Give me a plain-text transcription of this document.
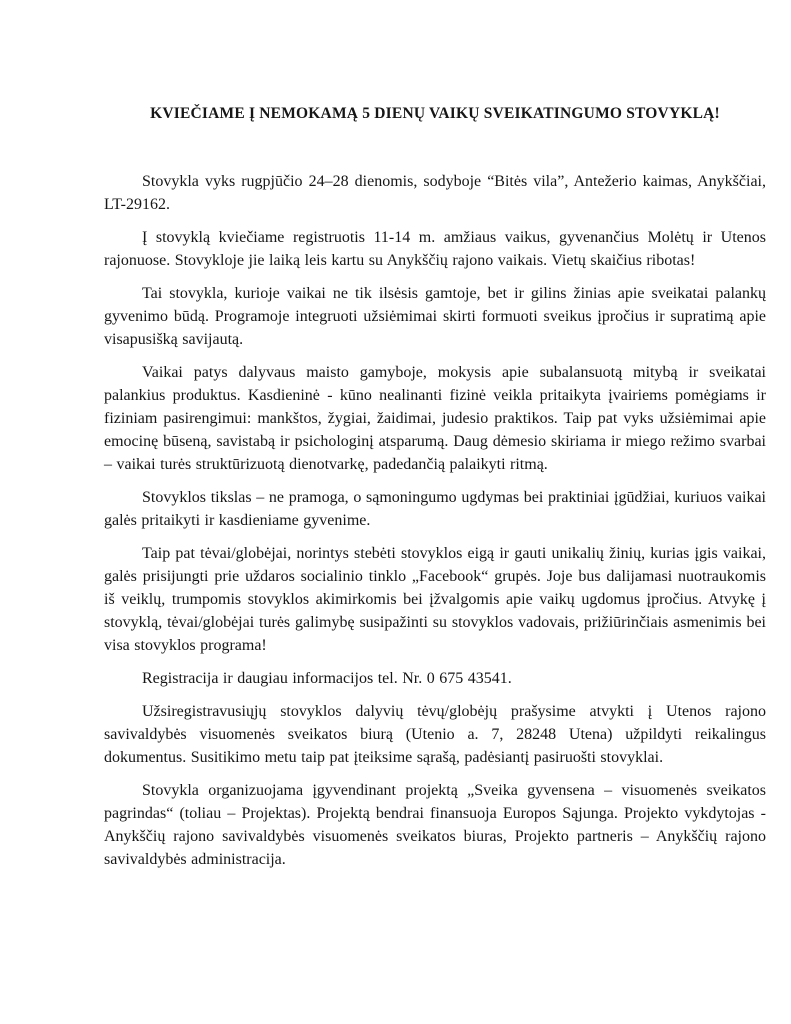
KVIEČIAME Į NEMOKAMĄ 5 DIENŲ VAIKŲ SVEIKATINGUMO STOVYKLĄ!

Stovykla vyks rugpjūčio 24–28 dienomis, sodyboje “Bitės vila”, Antežerio kaimas, Anykščiai, LT-29162.

Į stovyklą kviečiame registruotis 11-14 m. amžiaus vaikus, gyvenančius Molėtų ir Utenos rajonuose. Stovykloje jie laiką leis kartu su Anykščių rajono vaikais. Vietų skaičius ribotas!

Tai stovykla, kurioje vaikai ne tik ilsėsis gamtoje, bet ir gilins žinias apie sveikatai palankų gyvenimo būdą. Programoje integruoti užsiėmimai skirti formuoti sveikus įpročius ir supratimą apie visapusišką savijautą.

Vaikai patys dalyvaus maisto gamyboje, mokysis apie subalansuotą mitybą ir sveikatai palankius produktus. Kasdieninė - kūno nealinanti fizinė veikla pritaikyta įvairiems pomėgiams ir fiziniam pasirengimui: mankštos, žygiai, žaidimai, judesio praktikos. Taip pat vyks užsiėmimai apie emocinę būseną, savistabą ir psichologinį atsparumą. Daug dėmesio skiriama ir miego režimo svarbai – vaikai turės struktūrizuotą dienotvarkę, padedančią palaikyti ritmą.

Stovyklos tikslas – ne pramoga, o sąmoningumo ugdymas bei praktiniai įgūdžiai, kuriuos vaikai galės pritaikyti ir kasdieniame gyvenime.

Taip pat tėvai/globėjai, norintys stebėti stovyklos eigą ir gauti unikalių žinių, kurias įgis vaikai, galės prisijungti prie uždaros socialinio tinklo „Facebook“ grupės. Joje bus dalijamasi nuotraukomis iš veiklų, trumpomis stovyklos akimirkomis bei įžvalgomis apie vaikų ugdomus įpročius. Atvykę į stovyklą, tėvai/globėjai turės galimybę susipažinti su stovyklos vadovais, prižiūrinčiais asmenimis bei visa stovyklos programa!

Registracija ir daugiau informacijos tel. Nr. 0 675 43541.

Užsiregistravusiųjų stovyklos dalyvių tėvų/globėjų prašysime atvykti į Utenos rajono savivaldybės visuomenės sveikatos biurą (Utenio a. 7, 28248 Utena) užpildyti reikalingus dokumentus. Susitikimo metu taip pat įteiksime sąrašą, padėsiantį pasiruošti stovyklai.

Stovykla organizuojama įgyvendinant projektą „Sveika gyvensena – visuomenės sveikatos pagrindas“ (toliau – Projektas). Projektą bendrai finansuoja Europos Sąjunga. Projekto vykdytojas - Anykščių rajono savivaldybės visuomenės sveikatos biuras, Projekto partneris – Anykščių rajono savivaldybės administracija.
